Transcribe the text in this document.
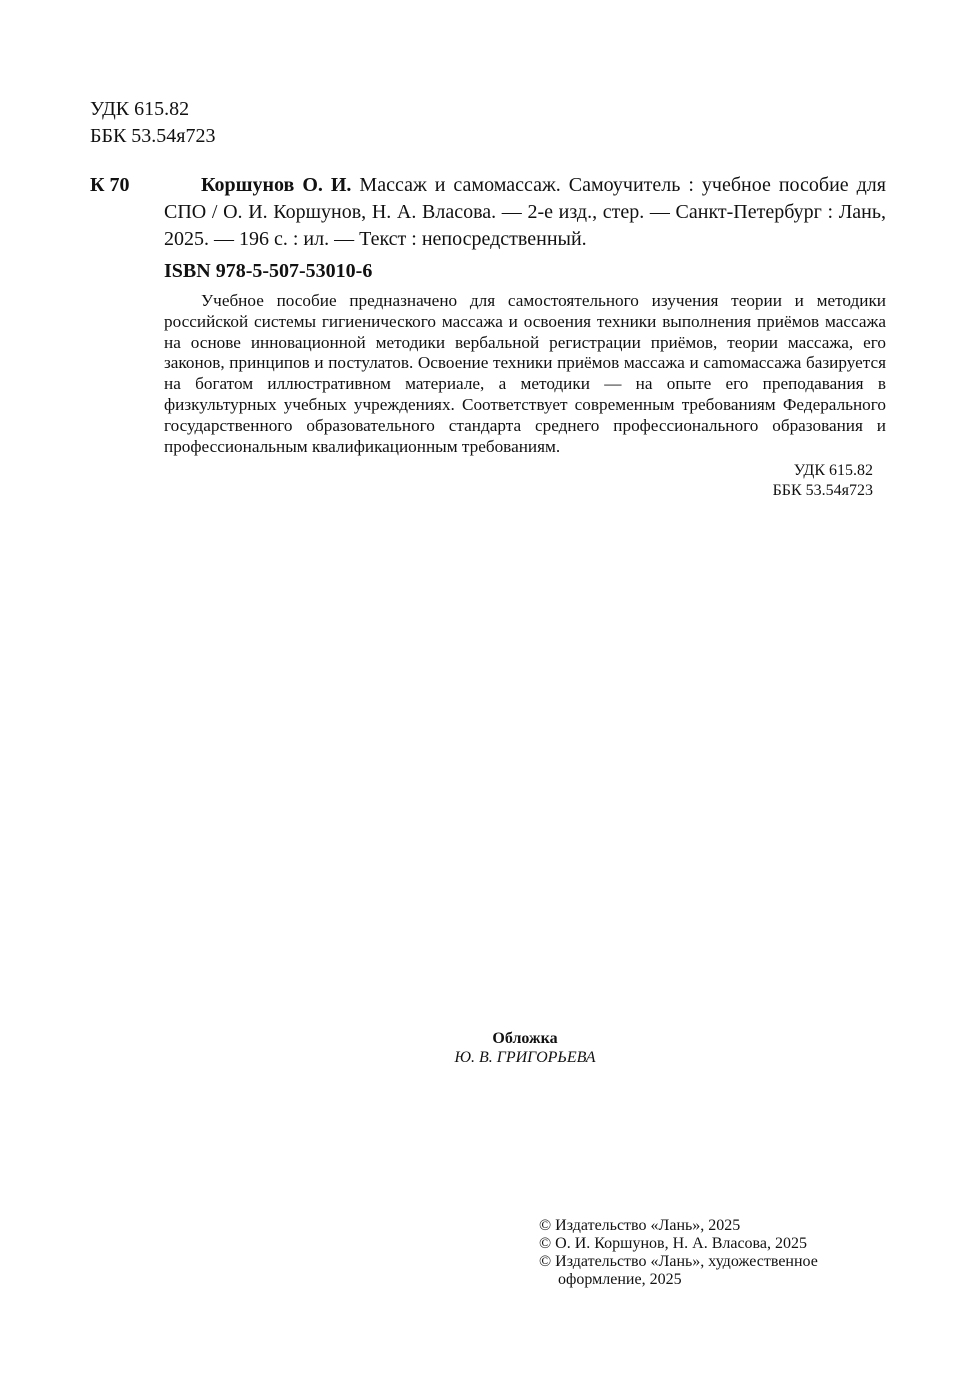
УДК 615.82
ББК 53.54я723
К 70	Коршунов О. И. Массаж и самомассаж. Самоучитель : учебное пособие для СПО / О. И. Коршунов, Н. А. Власова. — 2-е изд., стер. — Санкт-Петербург : Лань, 2025. — 196 с. : ил. — Текст : непосредственный.
ISBN 978-5-507-53010-6
Учебное пособие предназначено для самостоятельного изучения теории и методики российской системы гигиенического массажа и освоения техники выполнения приёмов массажа на основе инновационной методики вербальной регистрации приёмов, теории массажа, его законов, принципов и постулатов. Освоение техники приёмов массажа и саmомассажа базируется на богатом иллюстративном материале, а методики — на опыте его преподавания в физкультурных учебных учреждениях. Соответствует современным требованиям Федерального государственного образовательного стандарта среднего профессионального образования и профессиональным квалификационным требованиям.
УДК 615.82
ББК 53.54я723
Обложка
Ю. В. ГРИГОРЬЕВА
© Издательство «Лань», 2025
© О. И. Коршунов, Н. А. Власова, 2025
© Издательство «Лань», художественное
оформление, 2025
